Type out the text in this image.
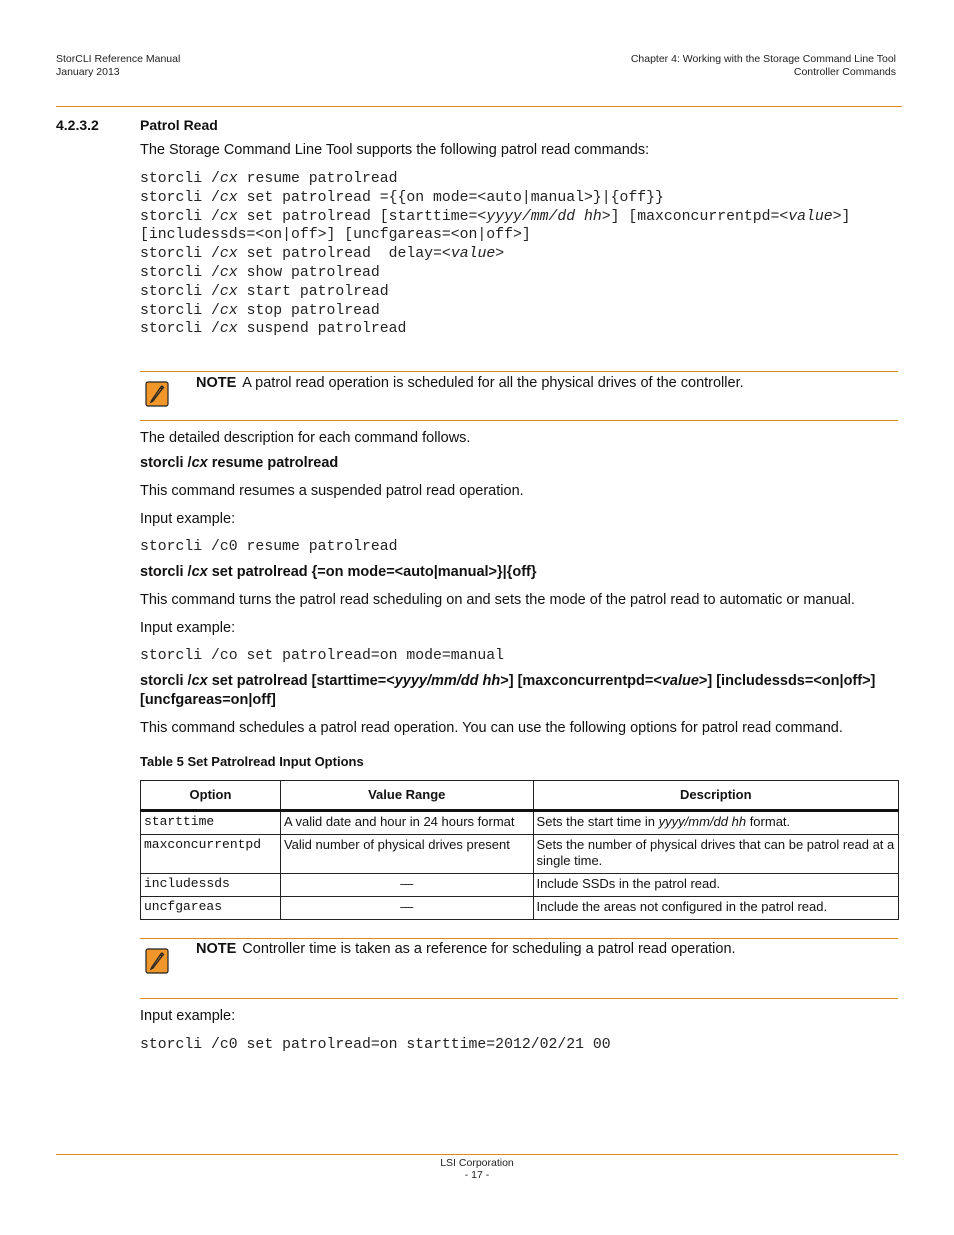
StorCLI Reference Manual
January 2013
Chapter 4: Working with the Storage Command Line Tool
Controller Commands
4.2.3.2	Patrol Read
The Storage Command Line Tool supports the following patrol read commands:
storcli /cx resume patrolread
storcli /cx set patrolread ={{on mode=<auto|manual>}|{off}}
storcli /cx set patrolread [starttime=<yyyy/mm/dd hh>] [maxconcurrentpd=<value>]
[includessds=<on|off>] [uncfgareas=<on|off>]
storcli /cx set patrolread  delay=<value>
storcli /cx show patrolread
storcli /cx start patrolread
storcli /cx stop patrolread
storcli /cx suspend patrolread
NOTE A patrol read operation is scheduled for all the physical drives of the controller.
The detailed description for each command follows.
storcli /cx resume patrolread
This command resumes a suspended patrol read operation.
Input example:
storcli /c0 resume patrolread
storcli /cx set patrolread {=on mode=<auto|manual>}|{off}
This command turns the patrol read scheduling on and sets the mode of the patrol read to automatic or manual.
Input example:
storcli /co set patrolread=on mode=manual
storcli /cx set patrolread [starttime=<yyyy/mm/dd hh>] [maxconcurrentpd=<value>] [includessds=<on|off>]
[uncfgareas=on|off]
This command schedules a patrol read operation. You can use the following options for patrol read command.
Table 5 Set Patrolread Input Options
Option	Value Range	Description
starttime	A valid date and hour in 24 hours format	Sets the start time in yyyy/mm/dd hh format.
maxconcurrentpd	Valid number of physical drives present	Sets the number of physical drives that can be patrol read at a single time.
includessds	—	Include SSDs in the patrol read.
uncfgareas	—	Include the areas not configured in the patrol read.
NOTE Controller time is taken as a reference for scheduling a patrol read operation.
Input example:
storcli /c0 set patrolread=on starttime=2012/02/21 00
LSI Corporation
- 17 -
